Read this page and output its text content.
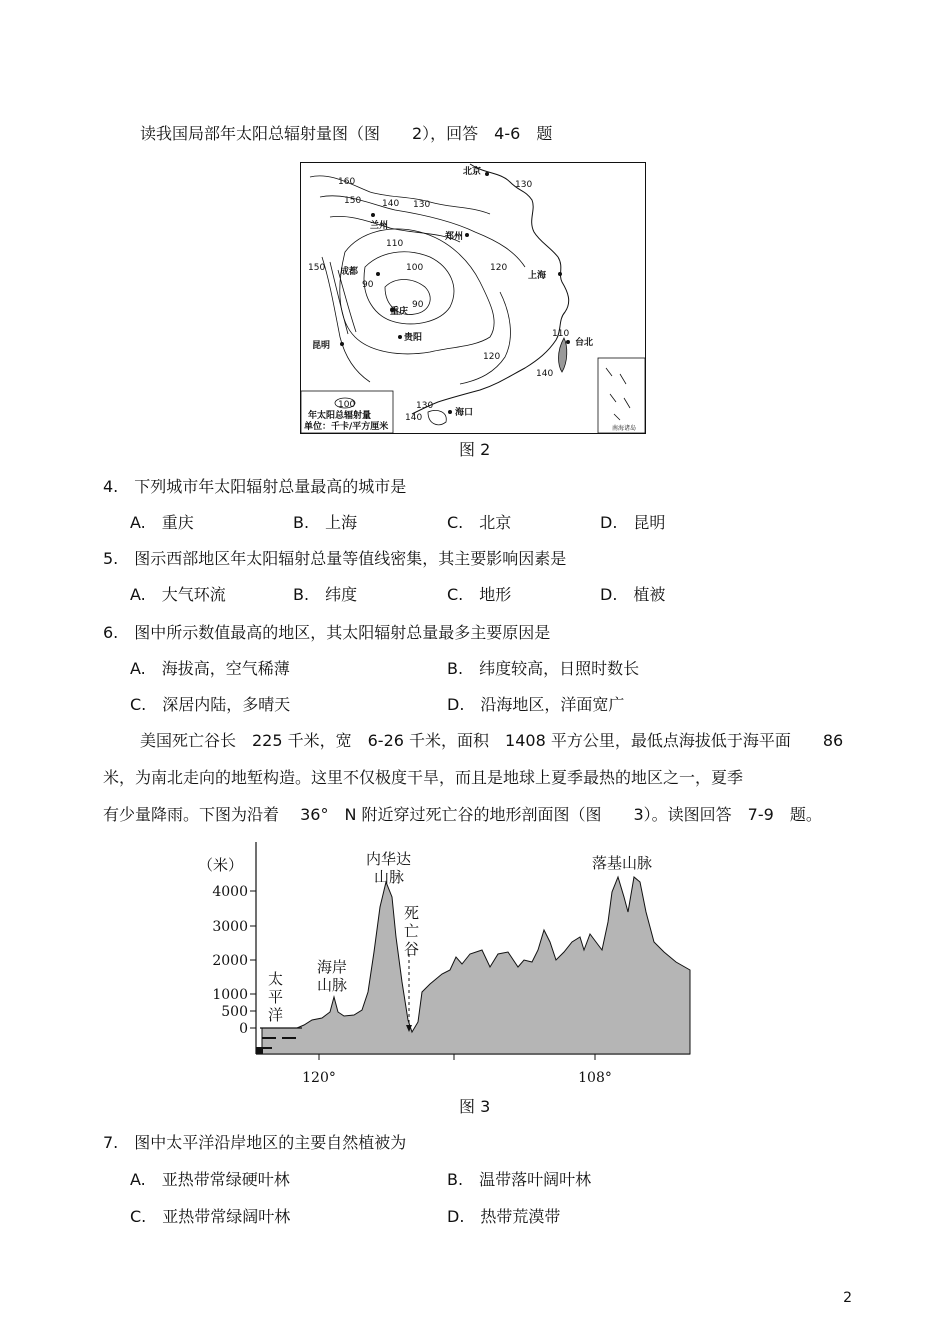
读我国局部年太阳总辐射量图（图　　2），回答　4-6　题
北京
兰州
郑州
成都	上海
重庆
贵阳
昆明	台北
海口
160
150 140 130
130
110
100	120
150
90
90
110
120
140
130
140
100
年太阳总辐射量
单位：千卡/平方厘米	南海诸岛
图 2
4.　下列城市年太阳辐射总量最高的城市是
A.　重庆	B.　上海	C.　北京	D.　昆明
5.　图示西部地区年太阳辐射总量等值线密集，其主要影响因素是
A.　大气环流	B.　纬度	C.　地形	D.　植被
6.　图中所示数值最高的地区，其太阳辐射总量最多主要原因是
A.　海拔高，空气稀薄	B.　纬度较高，日照时数长
C.　深居内陆，多晴天	D.　沿海地区，洋面宽广
美国死亡谷长　225 千米，宽　6-26 千米，面积　1408 平方公里，最低点海拔低于海平面　　86
米，为南北走向的地堑构造。这里不仅极度干旱，而且是地球上夏季最热的地区之一，夏季
有少量降雨。下图为沿着　 36°　N 附近穿过死亡谷的地形剖面图（图　　3）。读图回答　7-9　题。
（米）
4000
3000
2000
1000
500
0
120°	108°
太
平
洋
海岸
山脉
内华达
山脉
死
亡
谷
落基山脉
图 3
7.　图中太平洋沿岸地区的主要自然植被为
A.　亚热带常绿硬叶林	B.　温带落叶阔叶林
C.　亚热带常绿阔叶林	D.　热带荒漠带
2
